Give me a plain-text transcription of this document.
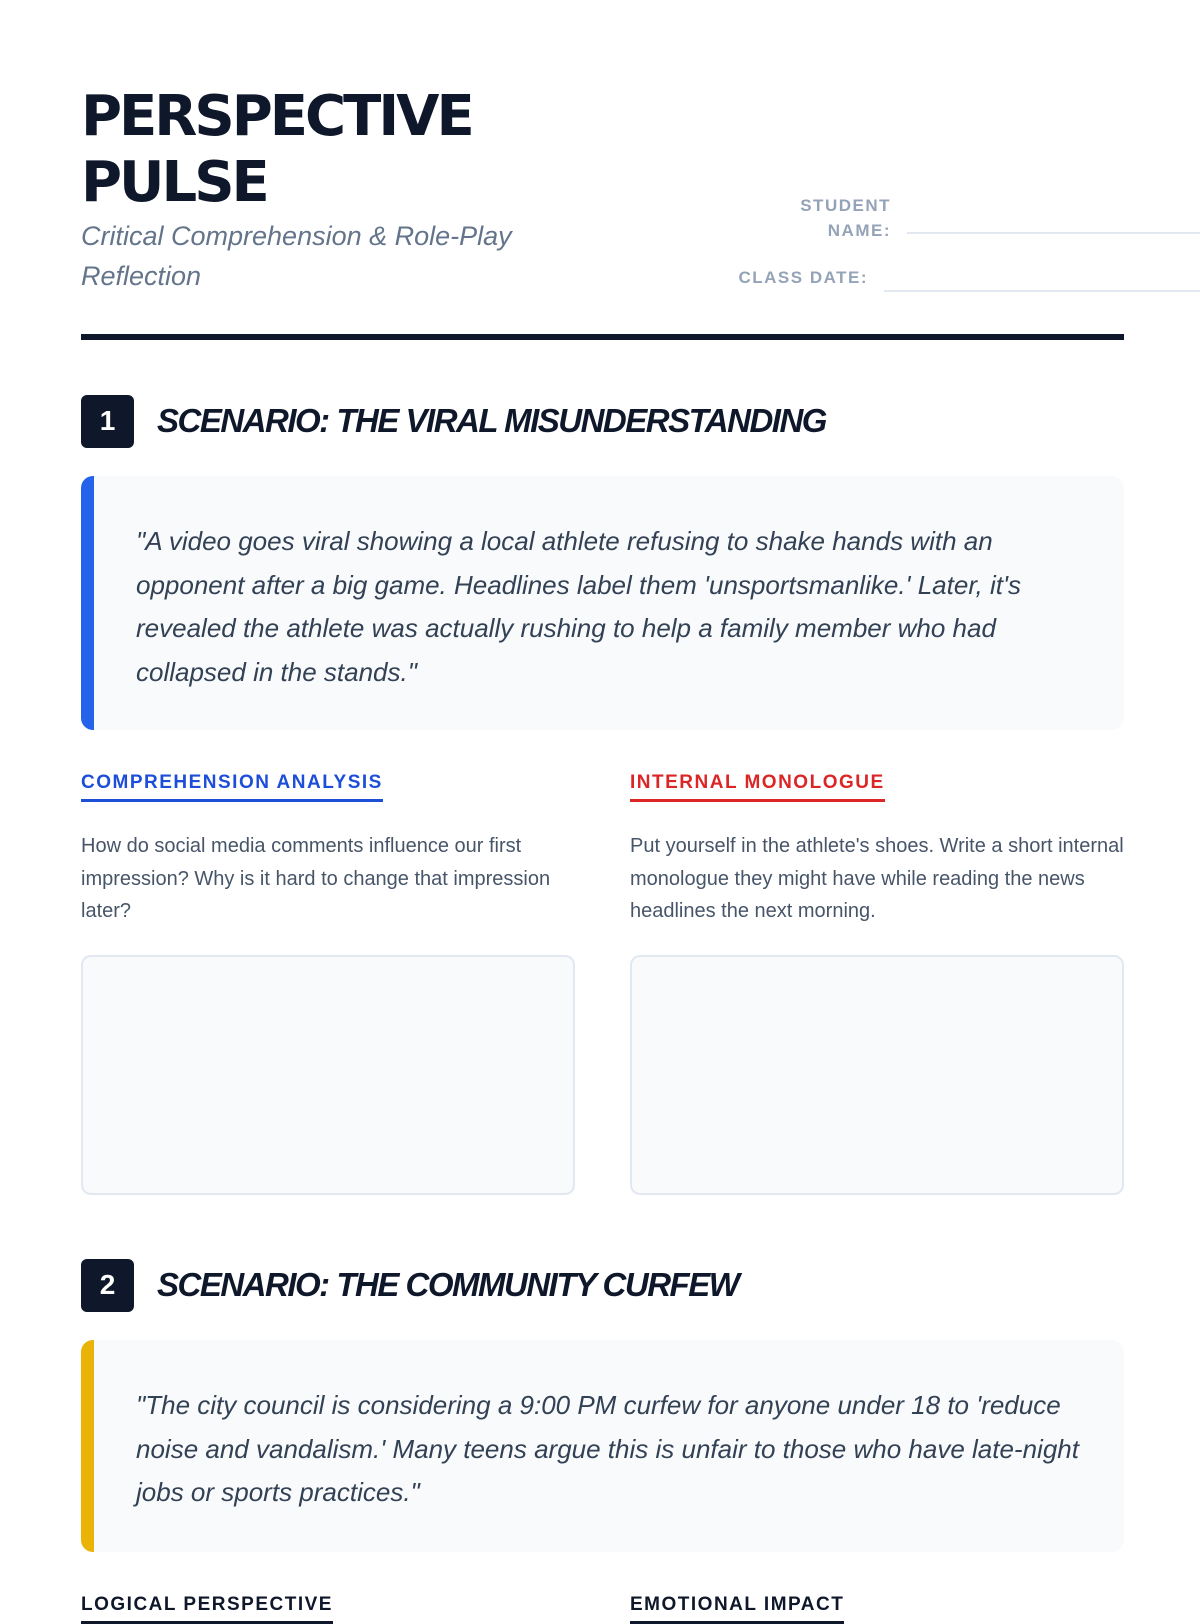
PERSPECTIVE
PULSE
Critical Comprehension & Role-Play Reflection
STUDENT
NAME:
CLASS DATE:
1	SCENARIO: THE VIRAL MISUNDERSTANDING
"A video goes viral showing a local athlete refusing to shake hands with an opponent after a big game. Headlines label them 'unsportsmanlike.' Later, it's revealed the athlete was actually rushing to help a family member who had collapsed in the stands."
COMPREHENSION ANALYSIS
How do social media comments influence our first impression? Why is it hard to change that impression later?
INTERNAL MONOLOGUE
Put yourself in the athlete's shoes. Write a short internal monologue they might have while reading the news headlines the next morning.
2	SCENARIO: THE COMMUNITY CURFEW
"The city council is considering a 9:00 PM curfew for anyone under 18 to 'reduce noise and vandalism.' Many teens argue this is unfair to those who have late-night jobs or sports practices."
LOGICAL PERSPECTIVE	EMOTIONAL IMPACT
